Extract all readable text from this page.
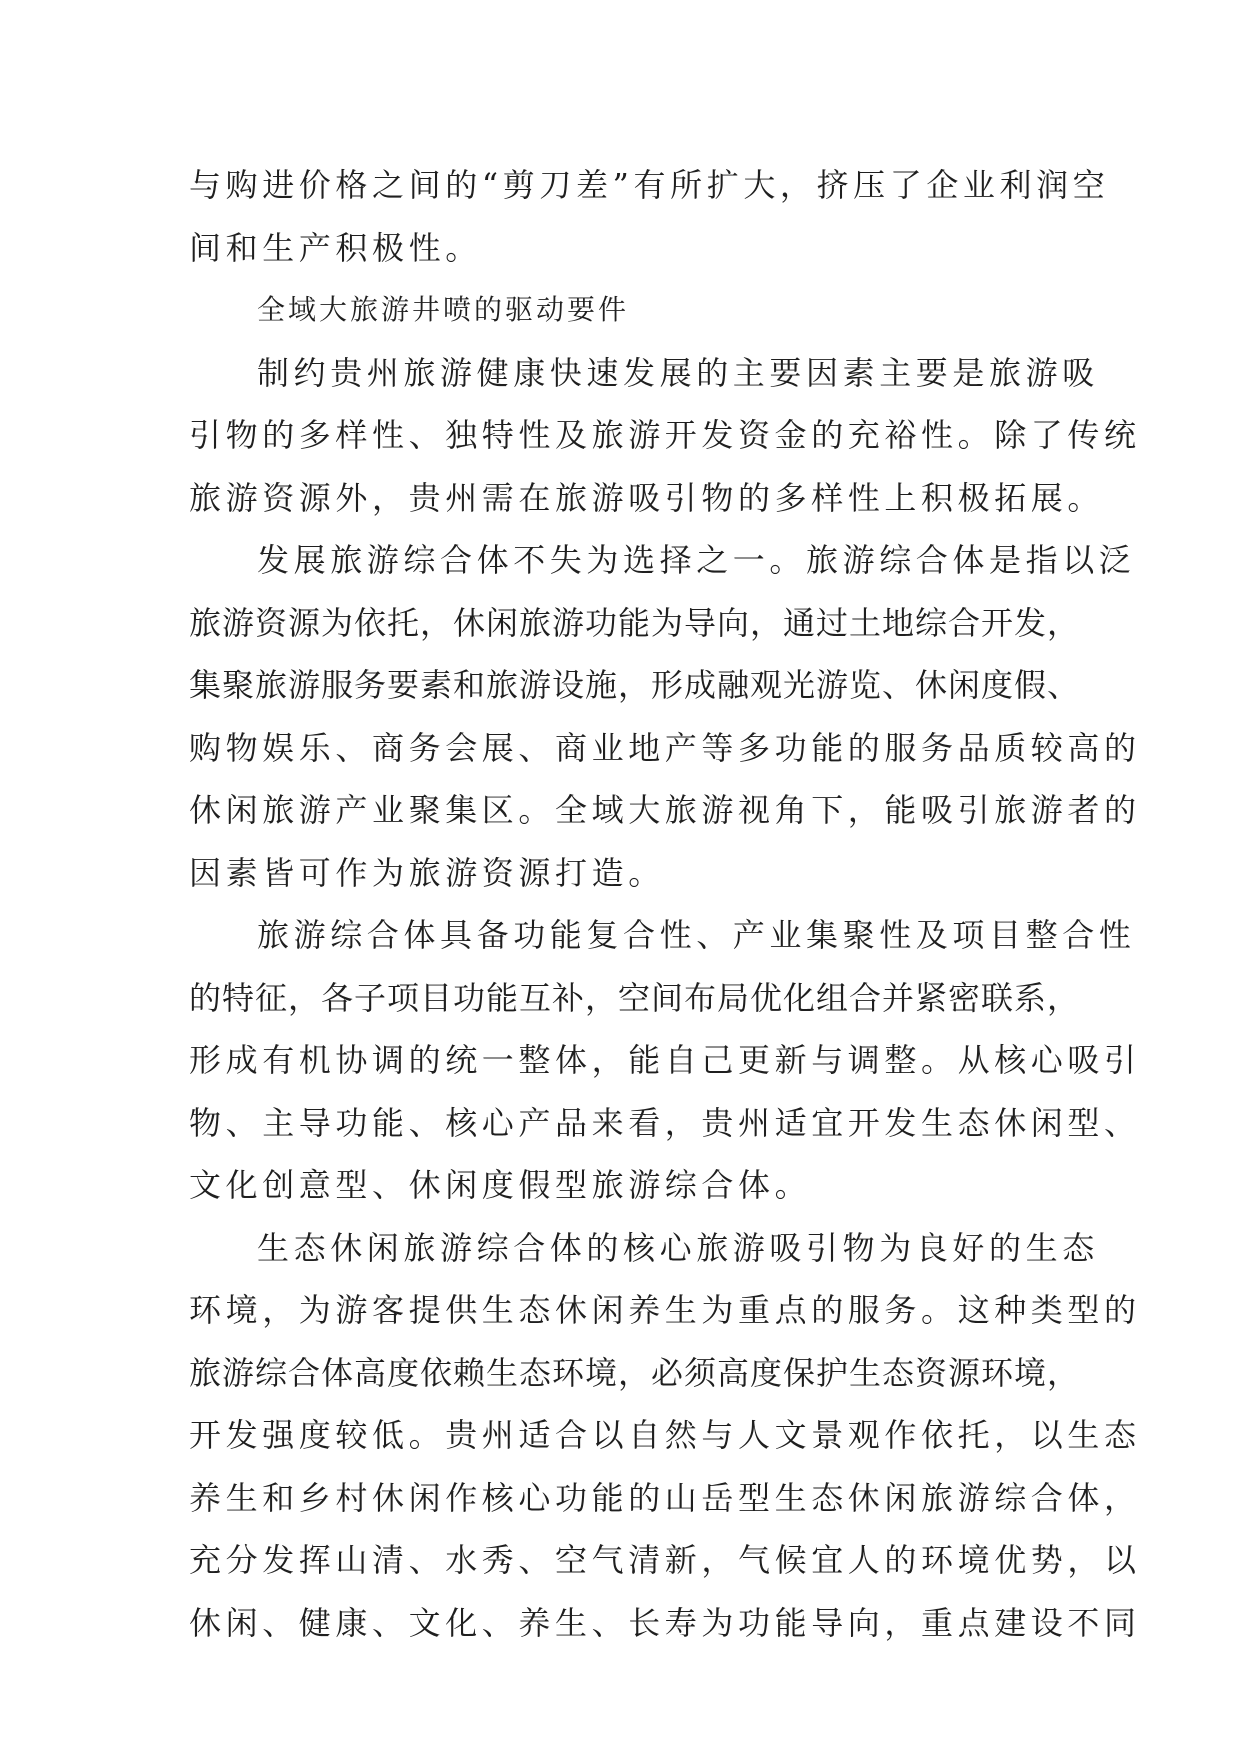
与购进价格之间的“剪刀差”有所扩大，挤压了企业利润空
间和生产积极性。
全域大旅游井喷的驱动要件
制约贵州旅游健康快速发展的主要因素主要是旅游吸
引物的多样性、独特性及旅游开发资金的充裕性。除了传统
旅游资源外，贵州需在旅游吸引物的多样性上积极拓展。
发展旅游综合体不失为选择之一。旅游综合体是指以泛
旅游资源为依托，休闲旅游功能为导向，通过土地综合开发，
集聚旅游服务要素和旅游设施，形成融观光游览、休闲度假、
购物娱乐、商务会展、商业地产等多功能的服务品质较高的
休闲旅游产业聚集区。全域大旅游视角下，能吸引旅游者的
因素皆可作为旅游资源打造。
旅游综合体具备功能复合性、产业集聚性及项目整合性
的特征，各子项目功能互补，空间布局优化组合并紧密联系，
形成有机协调的统一整体，能自己更新与调整。从核心吸引
物、主导功能、核心产品来看，贵州适宜开发生态休闲型、
文化创意型、休闲度假型旅游综合体。
生态休闲旅游综合体的核心旅游吸引物为良好的生态
环境，为游客提供生态休闲养生为重点的服务。这种类型的
旅游综合体高度依赖生态环境，必须高度保护生态资源环境，
开发强度较低。贵州适合以自然与人文景观作依托，以生态
养生和乡村休闲作核心功能的山岳型生态休闲旅游综合体，
充分发挥山清、水秀、空气清新，气候宜人的环境优势，以
休闲、健康、文化、养生、长寿为功能导向，重点建设不同
